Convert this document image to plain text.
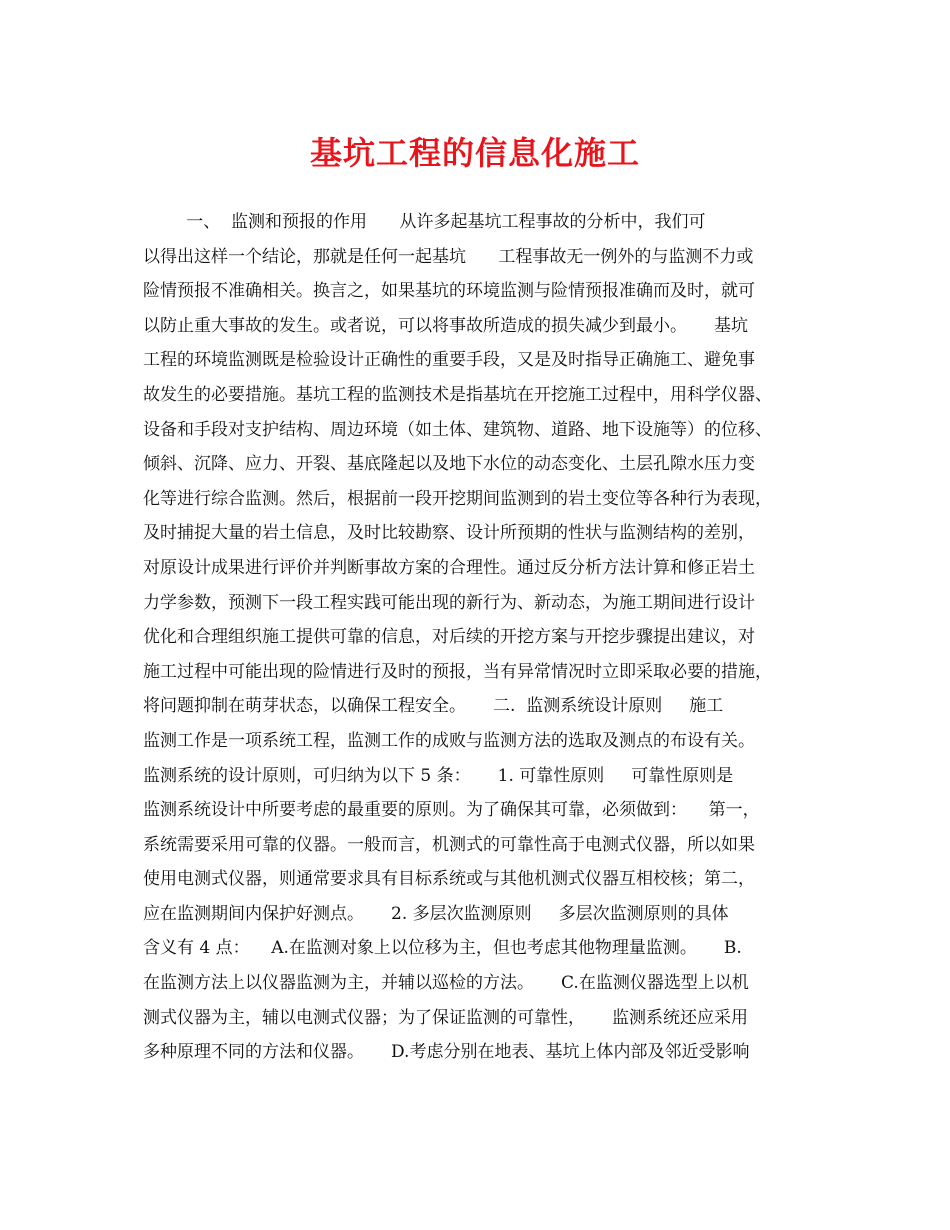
基坑工程的信息化施工
一、  监测和预报的作用      从许多起基坑工程事故的分析中，我们可
以得出这样一个结论，那就是任何一起基坑      工程事故无一例外的与监测不力或
险情预报不准确相关。换言之，如果基坑的环境监测与险情预报准确而及时，就可
以防止重大事故的发生。或者说，可以将事故所造成的损失减少到最小。     基坑
工程的环境监测既是检验设计正确性的重要手段，又是及时指导正确施工、避免事
故发生的必要措施。基坑工程的监测技术是指基坑在开挖施工过程中，用科学仪器、
设备和手段对支护结构、周边环境（如土体、建筑物、道路、地下设施等）的位移、
倾斜、沉降、应力、开裂、基底隆起以及地下水位的动态变化、土层孔隙水压力变
化等进行综合监测。然后，根据前一段开挖期间监测到的岩土变位等各种行为表现，
及时捕捉大量的岩土信息，及时比较勘察、设计所预期的性状与监测结构的差别，
对原设计成果进行评价并判断事故方案的合理性。通过反分析方法计算和修正岩土
力学参数，预测下一段工程实践可能出现的新行为、新动态，为施工期间进行设计
优化和合理组织施工提供可靠的信息，对后续的开挖方案与开挖步骤提出建议，对
施工过程中可能出现的险情进行及时的预报，当有异常情况时立即采取必要的措施，
将问题抑制在萌芽状态，以确保工程安全。     二.  监测系统设计原则     施工
监测工作是一项系统工程，监测工作的成败与监测方法的选取及测点的布设有关。
监测系统的设计原则，可归纳为以下 5 条：     1. 可靠性原则     可靠性原则是
监测系统设计中所要考虑的最重要的原则。为了确保其可靠，必须做到：    第一，
系统需要采用可靠的仪器。一般而言，机测式的可靠性高于电测式仪器，所以如果
使用电测式仪器，则通常要求具有目标系统或与其他机测式仪器互相校核；第二，
应在监测期间内保护好测点。     2. 多层次监测原则     多层次监测原则的具体
含义有 4 点：    A.在监测对象上以位移为主，但也考虑其他物理量监测。     B.
在监测方法上以仪器监测为主，并辅以巡检的方法。     C.在监测仪器选型上以机
测式仪器为主，辅以电测式仪器；为了保证监测的可靠性，     监测系统还应采用
多种原理不同的方法和仪器。     D.考虑分别在地表、基坑上体内部及邻近受影响
